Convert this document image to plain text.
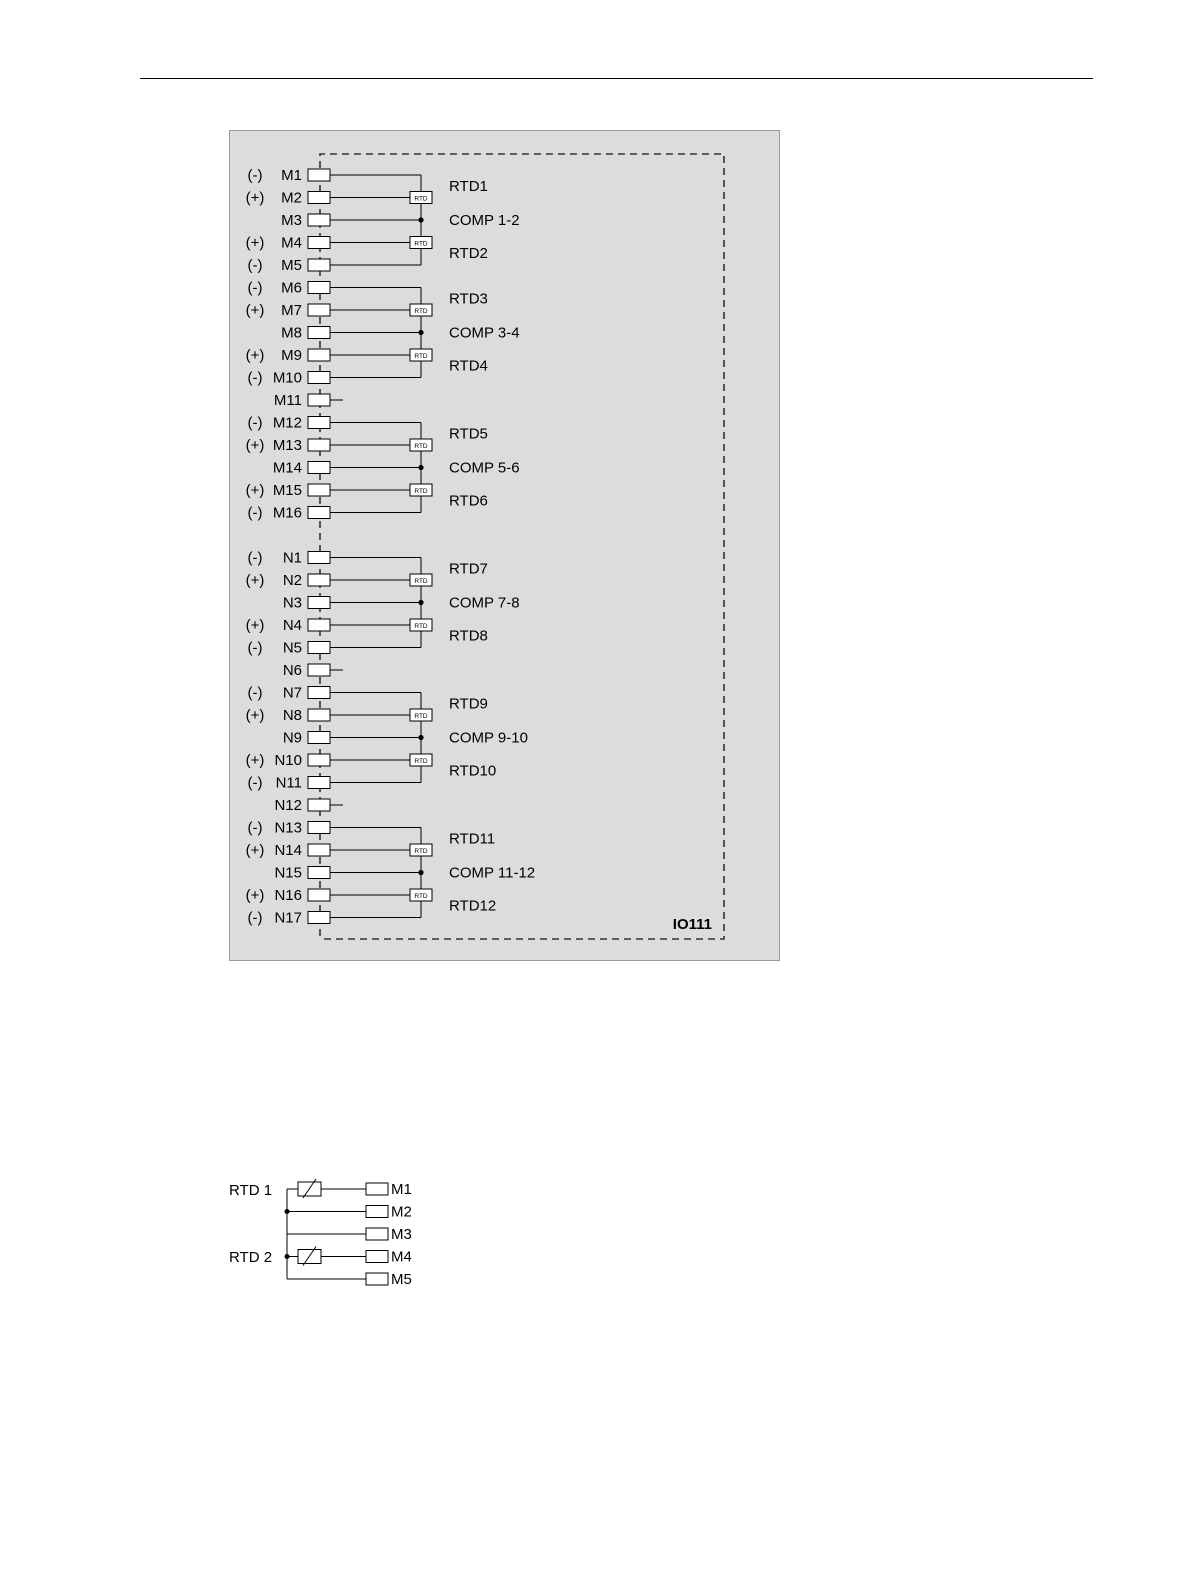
RTD
RTD
RTD
RTD
RTD
RTD
RTD
RTD
RTD
RTD
RTD
RTD
M1
(-)
M2
(+)
M3
M4
(+)
M5
(-)
M6
(-)
M7
(+)
M8
M9
(+)
M10
(-)
M11
M12
(-)
M13
(+)
M14
M15
(+)
M16
(-)
N1
(-)
N2
(+)
N3
N4
(+)
N5
(-)
N6
N7
(-)
N8
(+)
N9
N10
(+)
N11
(-)
N12
N13
(-)
N14
(+)
N15
N16
(+)
N17
(-)
RTD1
COMP 1-2
RTD2
RTD3
COMP 3-4
RTD4
RTD5
COMP 5-6
RTD6
RTD7
COMP 7-8
RTD8
RTD9
COMP 9-10
RTD10
RTD11
COMP 11-12
RTD12
IO111
M1
M2
M3
M4
M5
RTD 1
RTD 2
